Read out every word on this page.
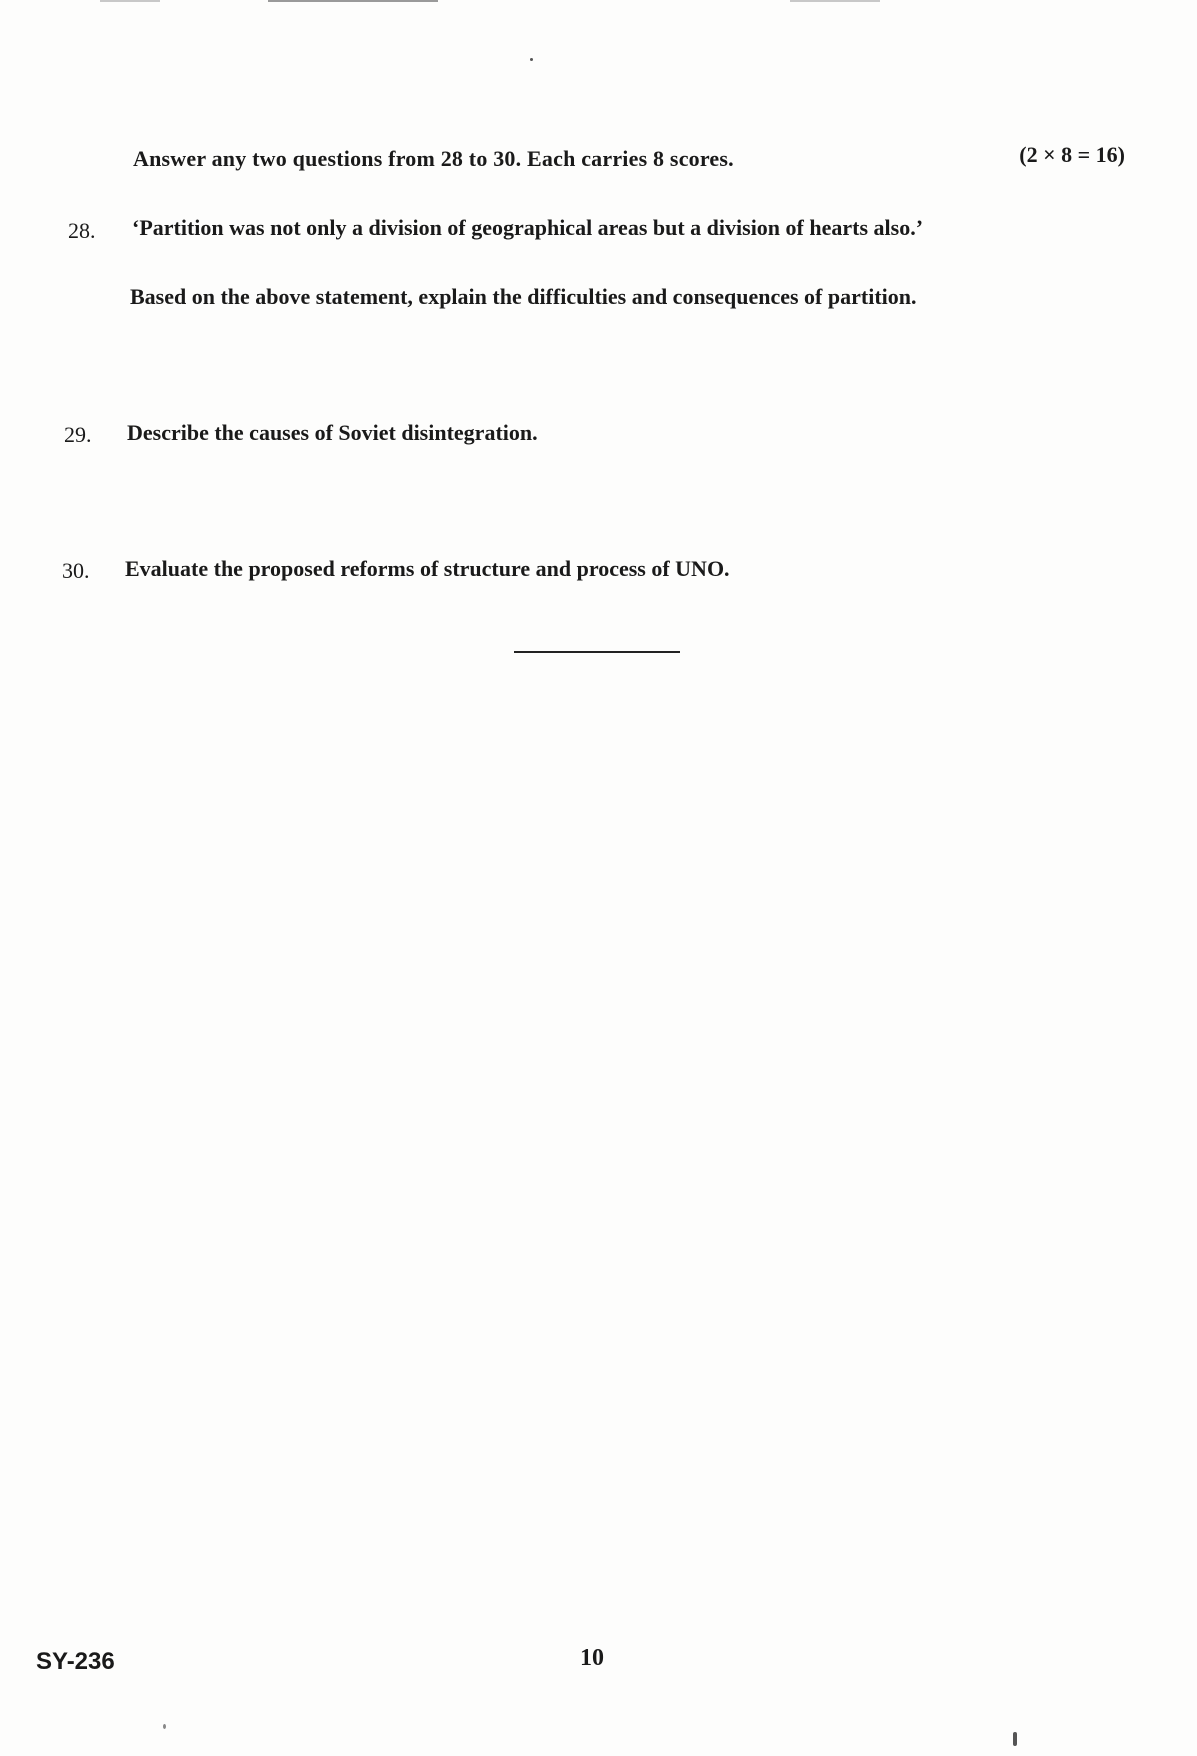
Answer any two questions from 28 to 30. Each carries 8 scores.	(2 × 8 = 16)
28. ‘Partition was not only a division of geographical areas but a division of hearts also.’
Based on the above statement, explain the difficulties and consequences of partition.
29. Describe the causes of Soviet disintegration.
30. Evaluate the proposed reforms of structure and process of UNO.
SY-236	10
